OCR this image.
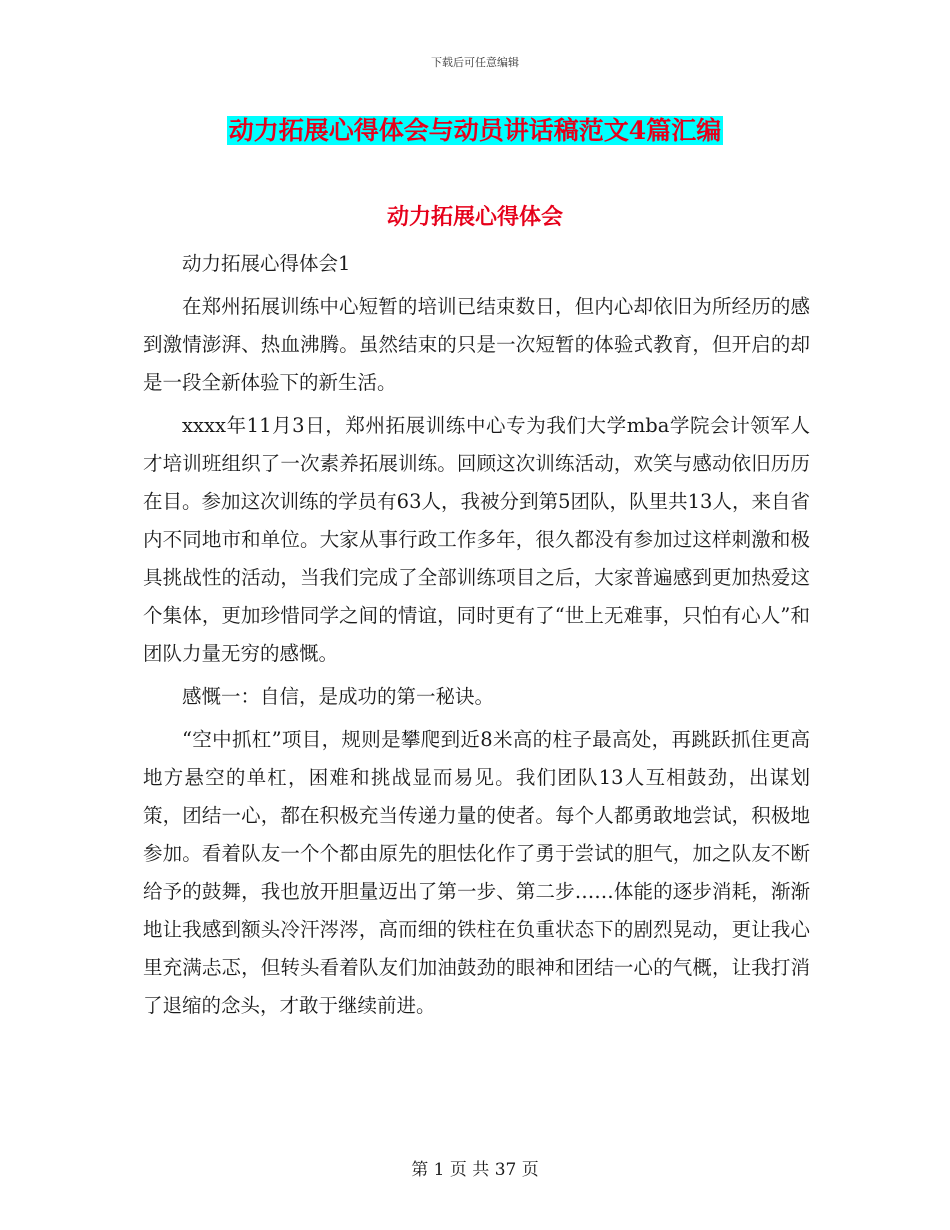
下载后可任意编辑
动力拓展心得体会与动员讲话稿范文4篇汇编
动力拓展心得体会

动力拓展心得体会1

在郑州拓展训练中心短暂的培训已结束数日，但内心却依旧为所经历的感到激情澎湃、热血沸腾。虽然结束的只是一次短暂的体验式教育，但开启的却是一段全新体验下的新生活。

xxxx年11月3日，郑州拓展训练中心专为我们大学mba学院会计领军人才培训班组织了一次素养拓展训练。回顾这次训练活动，欢笑与感动依旧历历在目。参加这次训练的学员有63人，我被分到第5团队，队里共13人，来自省内不同地市和单位。大家从事行政工作多年，很久都没有参加过这样刺激和极具挑战性的活动，当我们完成了全部训练项目之后，大家普遍感到更加热爱这个集体，更加珍惜同学之间的情谊，同时更有了“世上无难事，只怕有心人”和团队力量无穷的感慨。

感慨一：自信，是成功的第一秘诀。

“空中抓杠”项目，规则是攀爬到近8米高的柱子最高处，再跳跃抓住更高地方悬空的单杠，困难和挑战显而易见。我们团队13人互相鼓劲，出谋划策，团结一心，都在积极充当传递力量的使者。每个人都勇敢地尝试，积极地参加。看着队友一个个都由原先的胆怯化作了勇于尝试的胆气，加之队友不断给予的鼓舞，我也放开胆量迈出了第一步、第二步……体能的逐步消耗，渐渐地让我感到额头冷汗涔涔，高而细的铁柱在负重状态下的剧烈晃动，更让我心里充满忐忑，但转头看着队友们加油鼓劲的眼神和团结一心的气概，让我打消了退缩的念头，才敢于继续前进。

第 1 页 共 37 页
